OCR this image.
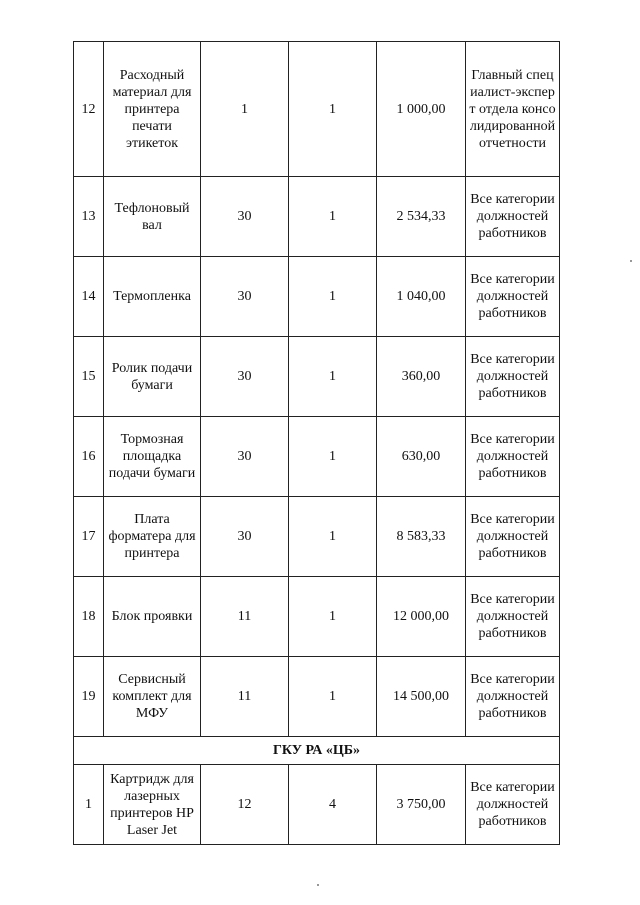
12	Расходный материал для принтера печати этикеток	1	1	1 000,00	Главный специалист-эксперт отдела консолидированной отчетности
13	Тефлоновый вал	30	1	2 534,33	Все категории должностей работников
14	Термопленка	30	1	1 040,00	Все категории должностей работников
15	Ролик подачи бумаги	30	1	360,00	Все категории должностей работников
16	Тормозная площадка подачи бумаги	30	1	630,00	Все категории должностей работников
17	Плата форматера для принтера	30	1	8 583,33	Все категории должностей работников
18	Блок проявки	11	1	12 000,00	Все категории должностей работников
19	Сервисный комплект для МФУ	11	1	14 500,00	Все категории должностей работников
ГКУ РА «ЦБ»					
1	Картридж для лазерных принтеров HP Laser Jet	12	4	3 750,00	Все категории должностей работников
